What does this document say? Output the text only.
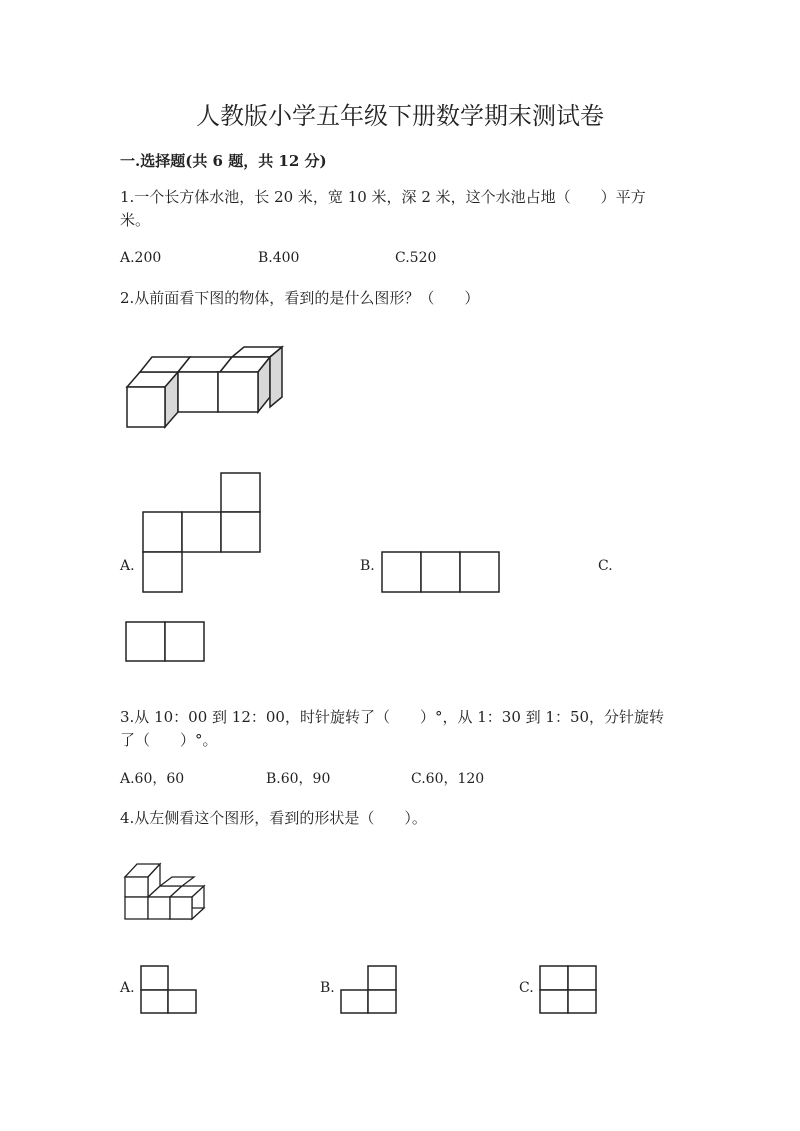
人教版小学五年级下册数学期末测试卷
一.选择题(共 6 题，共 12 分)
1.一个长方体水池，长 20 米，宽 10 米，深 2 米，这个水池占地（　　）平方
米。
A.200	B.400	C.520
2.从前面看下图的物体，看到的是什么图形？（　　）
A.	B.	C.
3.从 10：00 到 12：00，时针旋转了（　　）°，从 1：30 到 1：50，分针旋转
了（　　）°。
A.60，60	B.60，90	C.60，120
4.从左侧看这个图形，看到的形状是（　　）。
A.	B.	C.
